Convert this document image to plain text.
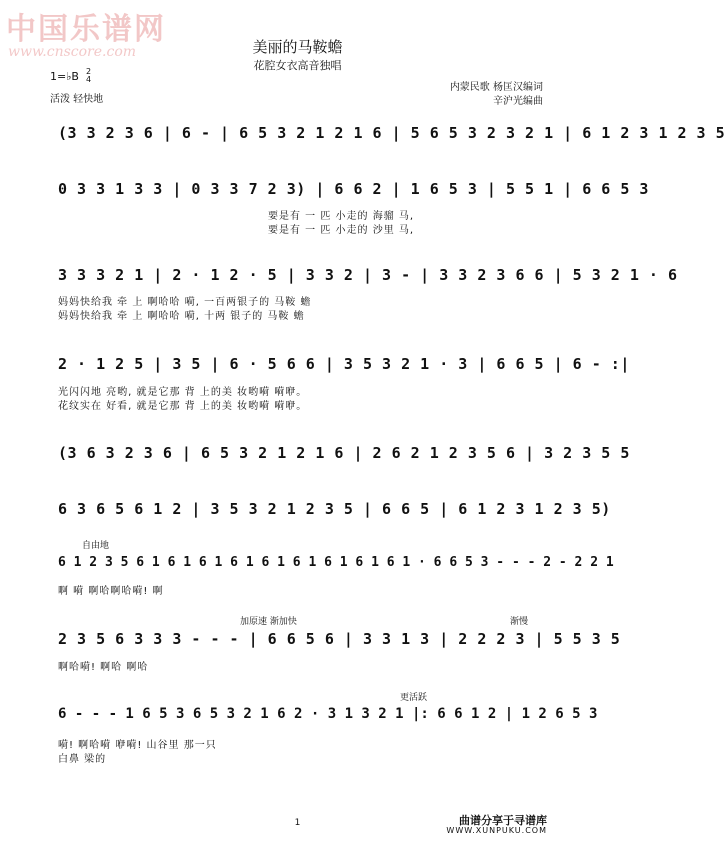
中国乐谱网
www.cnscore.com	美丽的马鞍蟾
花腔女衣高音独唱
1=♭B 2
4
活泼 轻快地
内蒙民歌 杨匡汉编词
辛沪光编曲
(3 3 2 3 6 | 6 - | 6 5 3 2 1 2 1 6 | 5 6 5 3 2 3 2 1 | 6 1 2 3 1 2 3 5
0 3 3 1 3 3 | 0 3 3 7 2 3) | 6 6 2 | 1 6 5 3 | 5 5 1 | 6 6 5 3
要是有 一 匹 小走的 海骝 马,
要是有 一 匹 小走的 沙里 马,
3 3 3 2 1 | 2 · 1 2 · 5 | 3 3 2 | 3 - | 3 3 2 3 6 6 | 5 3 2 1 · 6
妈妈快给我 牵 上 啊哈哈 嗬, 一百两银子的 马鞍 蟾
妈妈快给我 牵 上 啊哈哈 嗬, 十两 银子的 马鞍 蟾
2 · 1 2 5 | 3 5 | 6 · 5 6 6 | 3 5 3 2 1 · 3 | 6 6 5 | 6 - :|
光闪闪地 亮哟, 就是它那 背 上的美 妆哟嗬 嗬咿。
花纹实在 好看, 就是它那 背 上的美 妆哟嗬 嗬咿。
(3 6 3 2 3 6 | 6 5 3 2 1 2 1 6 | 2 6 2 1 2 3 5 6 | 3 2 3 5 5
6 3 6 5 6 1 2 | 3 5 3 2 1 2 3 5 | 6 6 5 | 6 1 2 3 1 2 3 5)
自由地
6 1 2 3 5 6 1 6 1 6 1 6 1 6 1 6 1 6 1 6 1 6 1 · 6 6 5 3 - - - 2 - 2 2 1
啊 嗬 啊哈啊哈嗬! 啊
加原速 渐加快	渐慢
2 3 5 6 3 3 3 - - - | 6 6 5 6 | 3 3 1 3 | 2 2 2 3 | 5 5 3 5
啊哈嗬! 啊哈 啊哈
更活跃
6 - - - 1 6 5 3 6 5 3 2 1 6 2 · 3 1 3 2 1 |: 6 6 1 2 | 1 2 6 5 3
嗬! 啊哈嗬 咿嗬! 山谷里 那一只
白鼻 梁的
1	曲谱分享于寻谱库
WWW.XUNPUKU.COM
